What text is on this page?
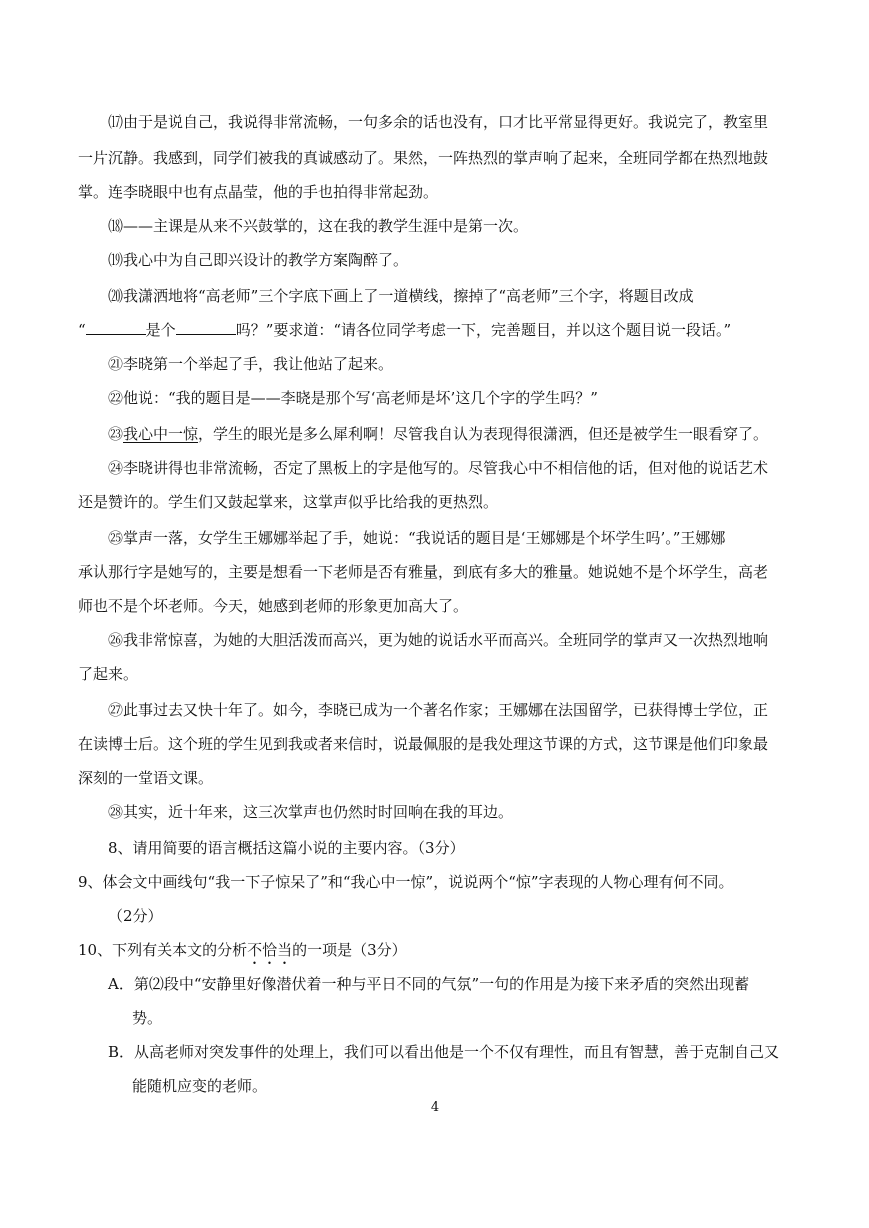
⒄由于是说自己，我说得非常流畅，一句多余的话也没有，口才比平常显得更好。我说完了，教室里
一片沉静。我感到，同学们被我的真诚感动了。果然，一阵热烈的掌声响了起来，全班同学都在热烈地鼓
掌。连李晓眼中也有点晶莹，他的手也拍得非常起劲。
⒅——主课是从来不兴鼓掌的，这在我的教学生涯中是第一次。
⒆我心中为自己即兴设计的教学方案陶醉了。
⒇我潇洒地将“高老师”三个字底下画上了一道横线，擦掉了“高老师”三个字，将题目改成
“	是个	吗？”要求道：“请各位同学考虑一下，完善题目，并以这个题目说一段话。”
㉑李晓第一个举起了手，我让他站了起来。
㉒他说：“我的题目是——李晓是那个写‘高老师是坏’这几个字的学生吗？”
㉓我心中一惊，学生的眼光是多么犀利啊！尽管我自认为表现得很潇洒，但还是被学生一眼看穿了。
㉔李晓讲得也非常流畅，否定了黑板上的字是他写的。尽管我心中不相信他的话，但对他的说话艺术
还是赞许的。学生们又鼓起掌来，这掌声似乎比给我的更热烈。
㉕掌声一落，女学生王娜娜举起了手，她说：“我说话的题目是‘王娜娜是个坏学生吗’。”王娜娜
承认那行字是她写的，主要是想看一下老师是否有雅量，到底有多大的雅量。她说她不是个坏学生，高老
师也不是个坏老师。今天，她感到老师的形象更加高大了。
㉖我非常惊喜，为她的大胆活泼而高兴，更为她的说话水平而高兴。全班同学的掌声又一次热烈地响
了起来。
㉗此事过去又快十年了。如今，李晓已成为一个著名作家；王娜娜在法国留学，已获得博士学位，正
在读博士后。这个班的学生见到我或者来信时，说最佩服的是我处理这节课的方式，这节课是他们印象最
深刻的一堂语文课。
㉘其实，近十年来，这三次掌声也仍然时时回响在我的耳边。
8、请用简要的语言概括这篇小说的主要内容。（3分）
9、体会文中画线句“我一下子惊呆了”和“我心中一惊”，说说两个“惊”字表现的人物心理有何不同。
（2分）
10、下列有关本文的分析不恰当的一项是（3分）
A．第⑵段中“安静里好像潜伏着一种与平日不同的气氛”一句的作用是为接下来矛盾的突然出现蓄
势。
B．从高老师对突发事件的处理上，我们可以看出他是一个不仅有理性，而且有智慧，善于克制自己又
能随机应变的老师。
4
